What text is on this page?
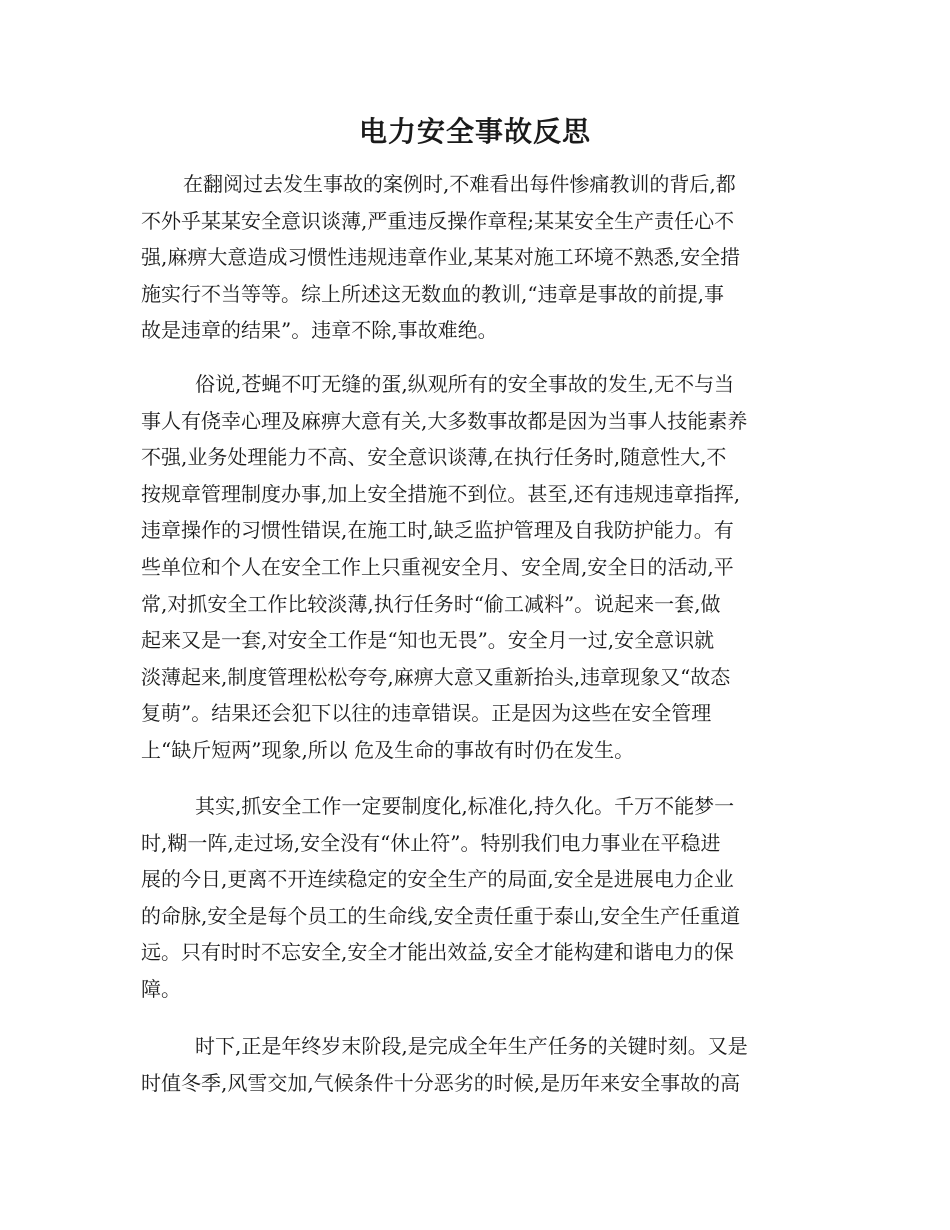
电力安全事故反思

在翻阅过去发生事故的案例时,不难看出每件惨痛教训的背后,都
不外乎某某安全意识谈薄,严重违反操作章程;某某安全生产责任心不
强,麻痹大意造成习惯性违规违章作业,某某对施工环境不熟悉,安全措
施实行不当等等。综上所述这无数血的教训,“违章是事故的前提,事
故是违章的结果”。违章不除,事故难绝。

俗说,苍蝇不叮无缝的蛋,纵观所有的安全事故的发生,无不与当
事人有侥幸心理及麻痹大意有关,大多数事故都是因为当事人技能素养
不强,业务处理能力不高、安全意识谈薄,在执行任务时,随意性大,不
按规章管理制度办事,加上安全措施不到位。甚至,还有违规违章指挥,
违章操作的习惯性错误,在施工时,缺乏监护管理及自我防护能力。有
些单位和个人在安全工作上只重视安全月、安全周,安全日的活动,平
常,对抓安全工作比较淡薄,执行任务时“偷工减料”。说起来一套,做
起来又是一套,对安全工作是“知也无畏”。安全月一过,安全意识就
淡薄起来,制度管理松松夸夸,麻痹大意又重新抬头,违章现象又“故态
复萌”。结果还会犯下以往的违章错误。正是因为这些在安全管理
上“缺斤短两”现象,所以 危及生命的事故有时仍在发生。

其实,抓安全工作一定要制度化,标准化,持久化。千万不能梦一
时,糊一阵,走过场,安全没有“休止符”。特别我们电力事业在平稳进
展的今日,更离不开连续稳定的安全生产的局面,安全是进展电力企业
的命脉,安全是每个员工的生命线,安全责任重于泰山,安全生产任重道
远。只有时时不忘安全,安全才能出效益,安全才能构建和谐电力的保
障。

时下,正是年终岁末阶段,是完成全年生产任务的关键时刻。又是
时值冬季,风雪交加,气候条件十分恶劣的时候,是历年来安全事故的高
